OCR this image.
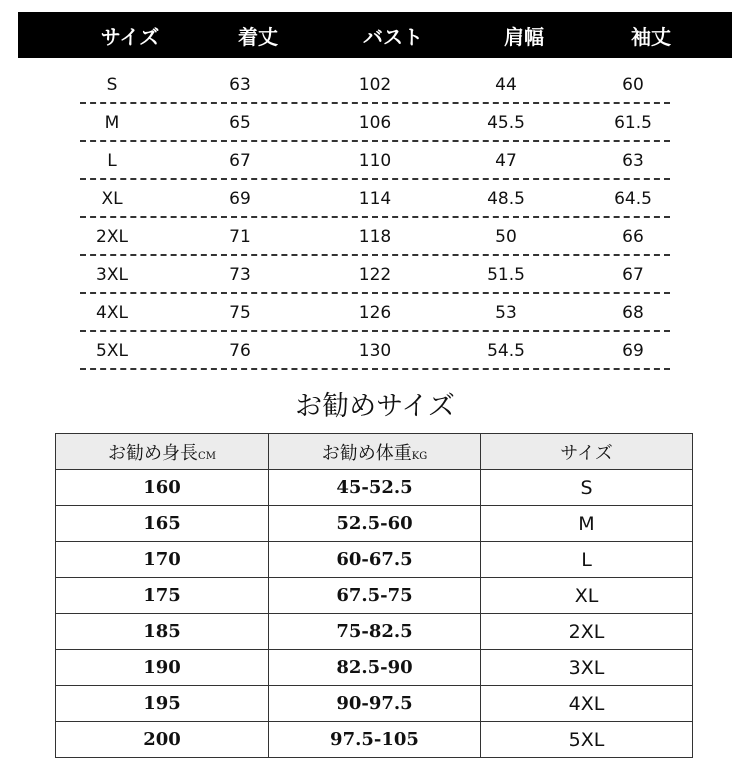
サイズ	着丈	バスト	肩幅	袖丈
S	63	102	44	60
M	65	106	45.5	61.5
L	67	110	47	63
XL	69	114	48.5	64.5
2XL	71	118	50	66
3XL	73	122	51.5	67
4XL	75	126	53	68
5XL	76	130	54.5	69
お勧めサイズ
お勧め身長CM	お勧め体重KG	サイズ
160	45-52.5	S
165	52.5-60	M
170	60-67.5	L
175	67.5-75	XL
185	75-82.5	2XL
190	82.5-90	3XL
195	90-97.5	4XL
200	97.5-105	5XL
